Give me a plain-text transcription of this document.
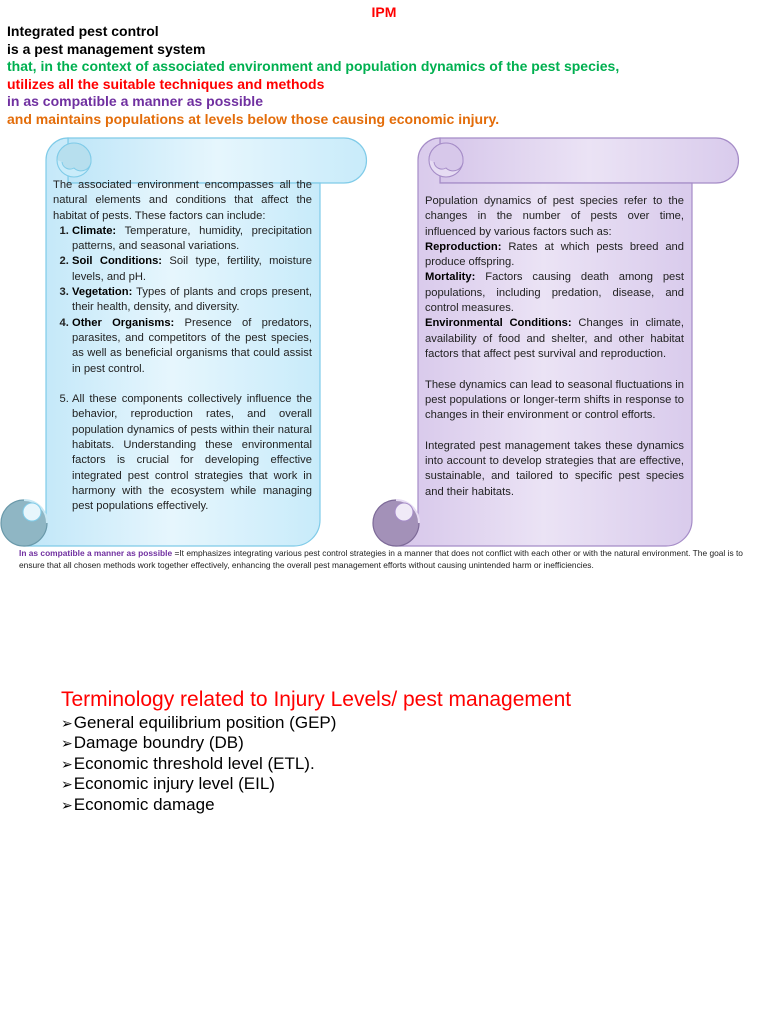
IPM
Integrated pest control
is a pest management system
that, in the context of associated environment and population dynamics of the pest species,
utilizes all the suitable techniques and methods
in as compatible a manner as possible
and maintains populations at levels below those causing economic injury.

The associated environment encompasses all the natural elements and conditions that affect the habitat of pests. These factors can include:

1. Climate: Temperature, humidity, precipitation patterns, and seasonal variations.
2. Soil Conditions: Soil type, fertility, moisture levels, and pH.
3. Vegetation: Types of plants and crops present, their health, density, and diversity.
4. Other Organisms: Presence of predators, parasites, and competitors of the pest species, as well as beneficial organisms that could assist in pest control.
5. All these components collectively influence the behavior, reproduction rates, and overall population dynamics of pests within their natural habitats. Understanding these environmental factors is crucial for developing effective integrated pest control strategies that work in harmony with the ecosystem while managing pest populations effectively.

Population dynamics of pest species refer to the changes in the number of pests over time, influenced by various factors such as:

Reproduction: Rates at which pests breed and produce offspring.

Mortality: Factors causing death among pest populations, including predation, disease, and control measures.

Environmental Conditions: Changes in climate, availability of food and shelter, and other habitat factors that affect pest survival and reproduction.

These dynamics can lead to seasonal fluctuations in pest populations or longer-term shifts in response to changes in their environment or control efforts.

Integrated pest management takes these dynamics into account to develop strategies that are effective, sustainable, and tailored to specific pest species and their habitats.

In as compatible a manner as possible =It emphasizes integrating various pest control strategies in a manner that does not conflict with each other or with the natural environment. The goal is to ensure that all chosen methods work together effectively, enhancing the overall pest management efforts without causing unintended harm or inefficiencies.
Terminology related to Injury Levels/ pest management
➢General equilibrium position (GEP)
➢Damage boundry (DB)
➢Economic threshold level (ETL).
➢Economic injury level (EIL)
➢Economic damage
